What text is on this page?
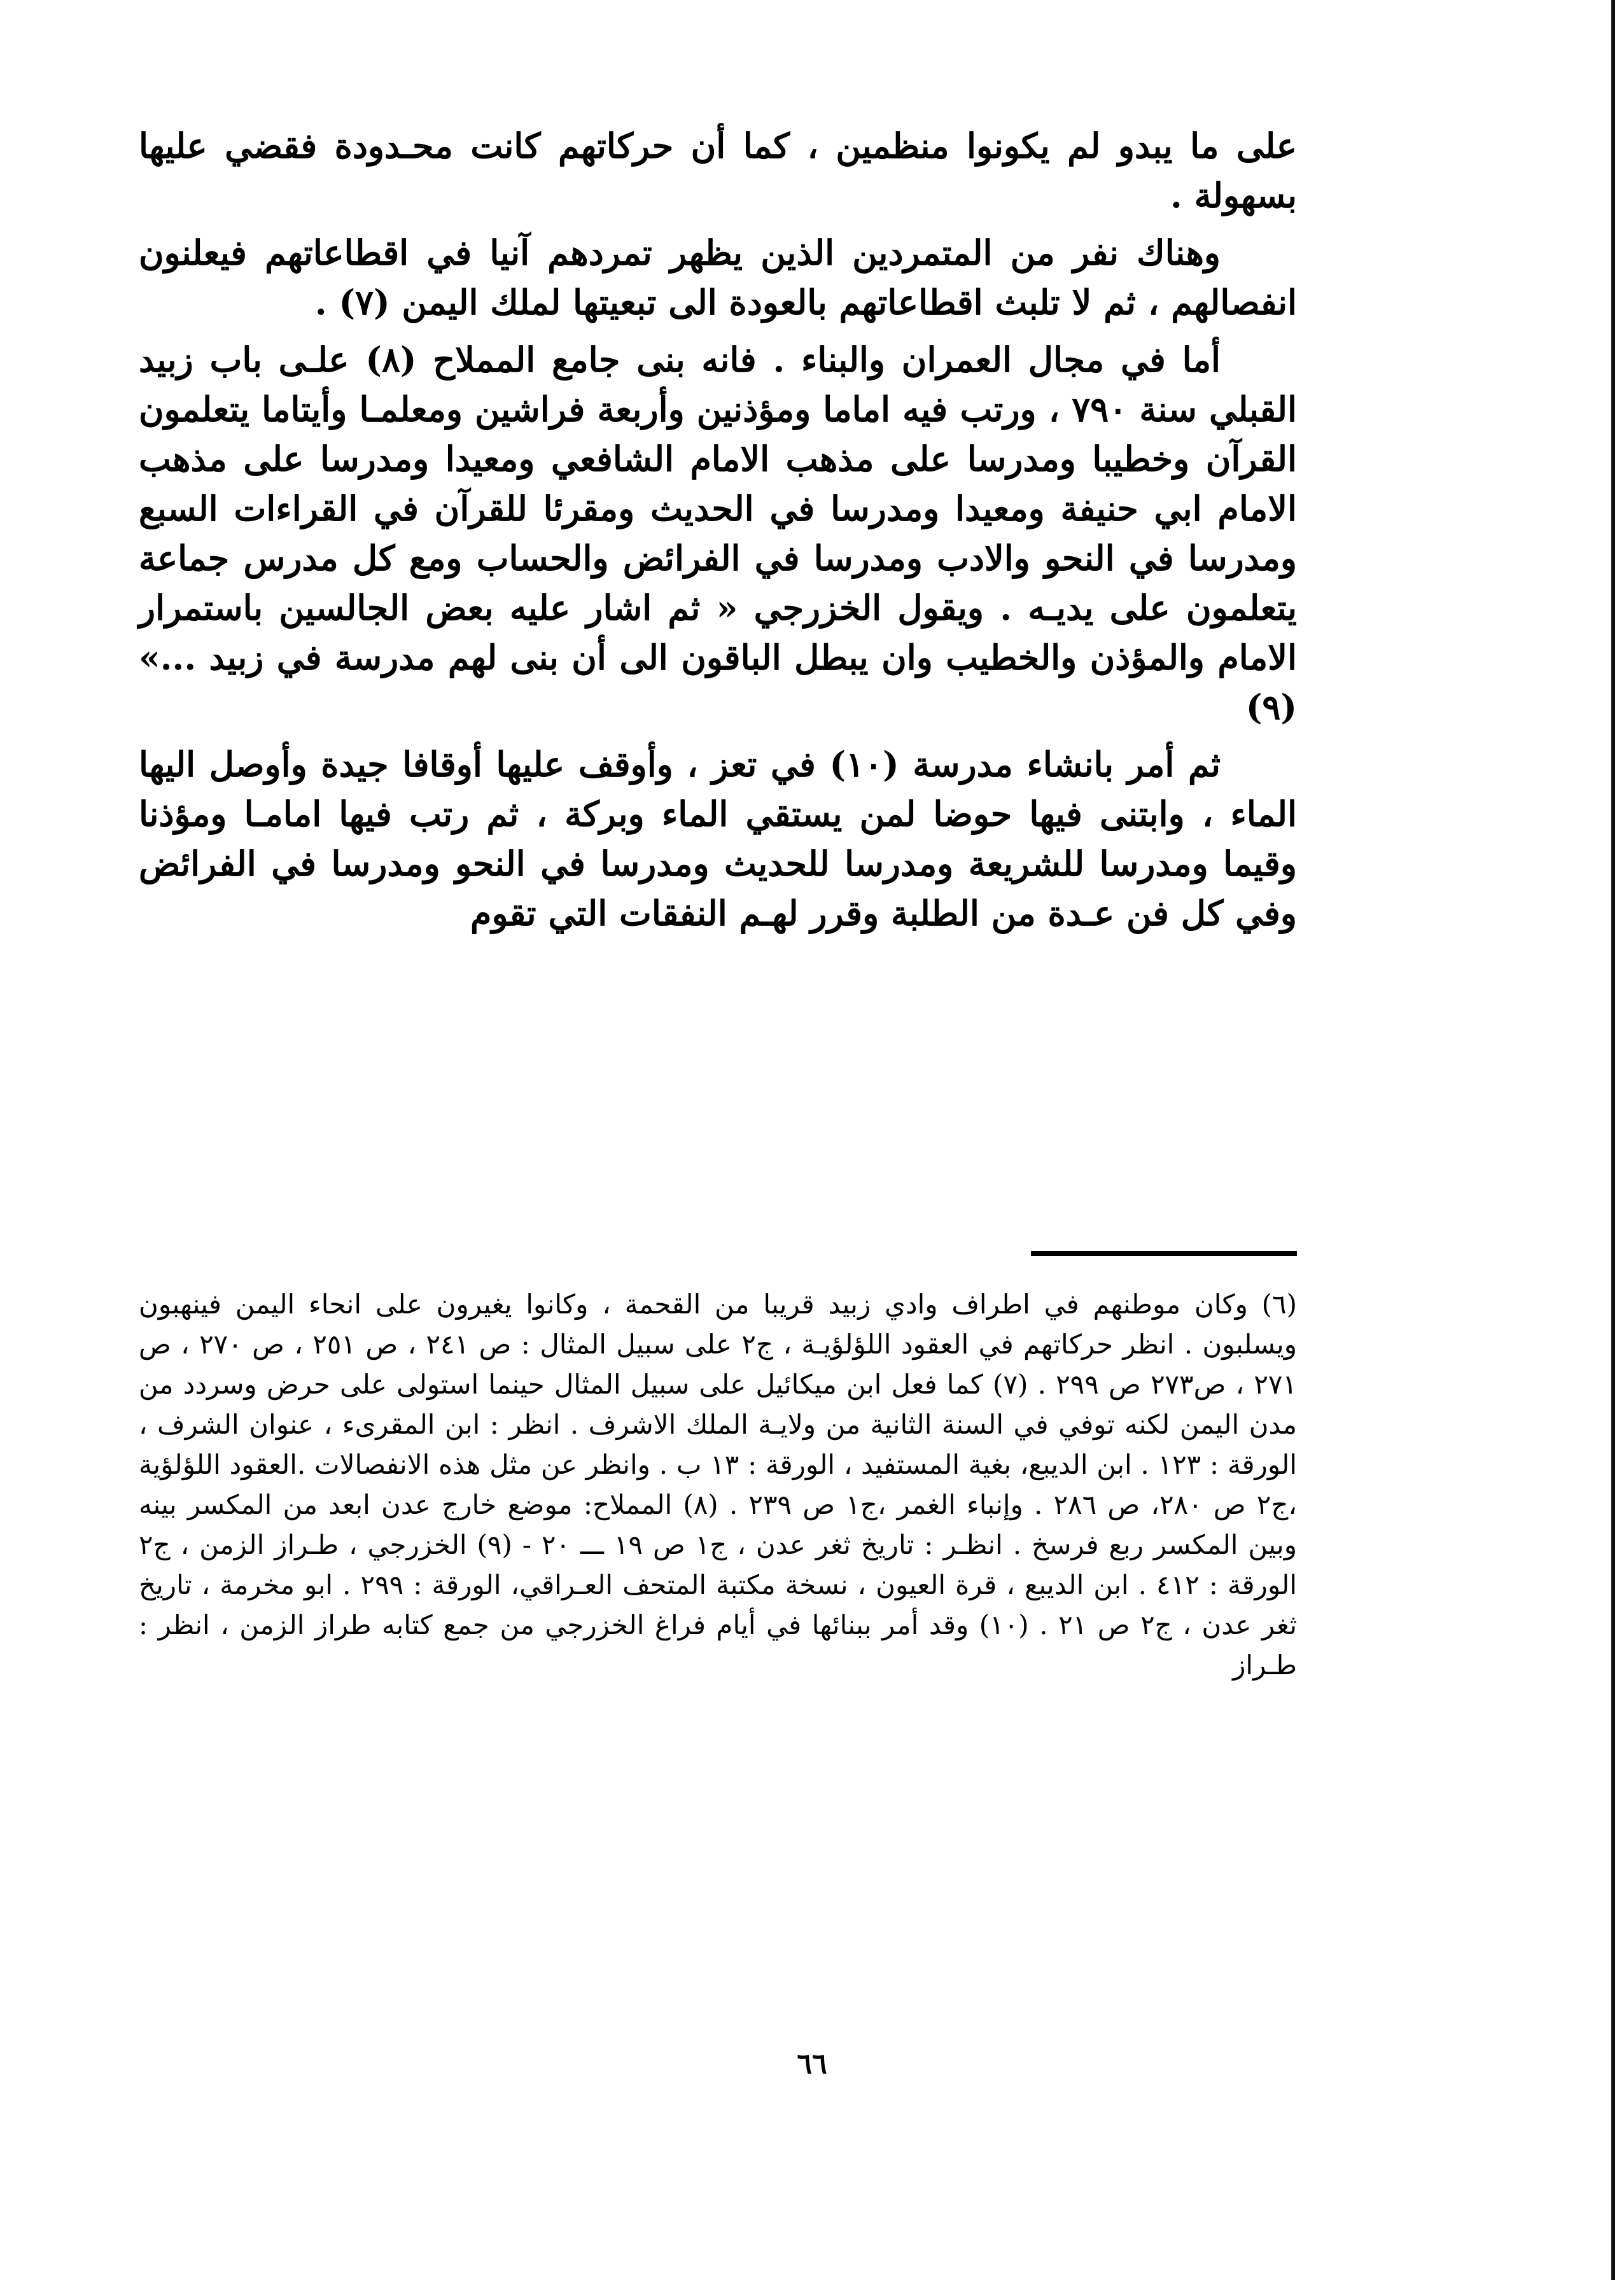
على ما يبدو لم يكونوا منظمين ، كما أن حركاتهم كانت محـدودة فقضي عليها بسهولة .

وهناك نفر من المتمردين الذين يظهر تمردهم آنيا في اقطاعاتهم فيعلنون انفصالهم ، ثم لا تلبث اقطاعاتهم بالعودة الى تبعيتها لملك اليمن (٧) .

أما في مجال العمران والبناء . فانه بنى جامع المملاح (٨) علـى باب زبيد القبلي سنة ٧٩٠ ، ورتب فيه اماما ومؤذنين وأربعة فراشين ومعلمـا وأيتاما يتعلمون القرآن وخطيبا ومدرسا على مذهب الامام الشافعي ومعيدا ومدرسا على مذهب الامام ابي حنيفة ومعيدا ومدرسا في الحديث ومقرئا للقرآن في القراءات السبع ومدرسا في النحو والادب ومدرسا في الفرائض والحساب ومع كل مدرس جماعة يتعلمون على يديـه . ويقول الخزرجي « ثم اشار عليه بعض الجالسين باستمرار الامام والمؤذن والخطيب وان يبطل الباقون الى أن بنى لهم مدرسة في زبيد ...» (٩)

ثم أمر بانشاء مدرسة (١٠) في تعز ، وأوقف عليها أوقافا جيدة وأوصل اليها الماء ، وابتنى فيها حوضا لمن يستقي الماء وبركة ، ثم رتب فيها امامـا ومؤذنا وقيما ومدرسا للشريعة ومدرسا للحديث ومدرسا في النحو ومدرسا في الفرائض وفي كل فن عـدة من الطلبة وقرر لهـم النفقات التي تقوم

(٦) وكان موطنهم في اطراف وادي زبيد قريبا من القحمة ، وكانوا يغيرون على انحاء اليمن فينهبون ويسلبون . انظر حركاتهم في العقود اللؤلؤيـة ، ج٢ على سبيل المثال : ص ٢٤١ ، ص ٢٥١ ، ص ٢٧٠ ، ص ٢٧١ ، ص٢٧٣ ص ٢٩٩ . (٧) كما فعل ابن ميكائيل على سبيل المثال حينما استولى على حرض وسردد من مدن اليمن لكنه توفي في السنة الثانية من ولايـة الملك الاشرف . انظر : ابن المقرىء ، عنوان الشرف ، الورقة : ١٢٣ . ابن الديبع، بغية المستفيد ، الورقة : ١٣ ب . وانظر عن مثل هذه الانفصالات .العقود اللؤلؤية ،ج٢ ص ٢٨٠، ص ٢٨٦ . وإنباء الغمر ،ج١ ص ٢٣٩ . (٨) المملاح: موضع خارج عدن ابعد من المكسر بينه وبين المكسر ربع فرسخ . انظـر : تاريخ ثغر عدن ، ج١ ص ١٩ ـــ ٢٠ - (٩) الخزرجي ، طـراز الزمن ، ج٢ الورقة : ٤١٢ . ابن الديبع ، قرة العيون ، نسخة مكتبة المتحف العـراقي، الورقة : ٢٩٩ . ابو مخرمة ، تاريخ ثغر عدن ، ج٢ ص ٢١ . (١٠) وقد أمر ببنائها في أيام فراغ الخزرجي من جمع كتابه طراز الزمن ، انظر : طـراز

٦٦
